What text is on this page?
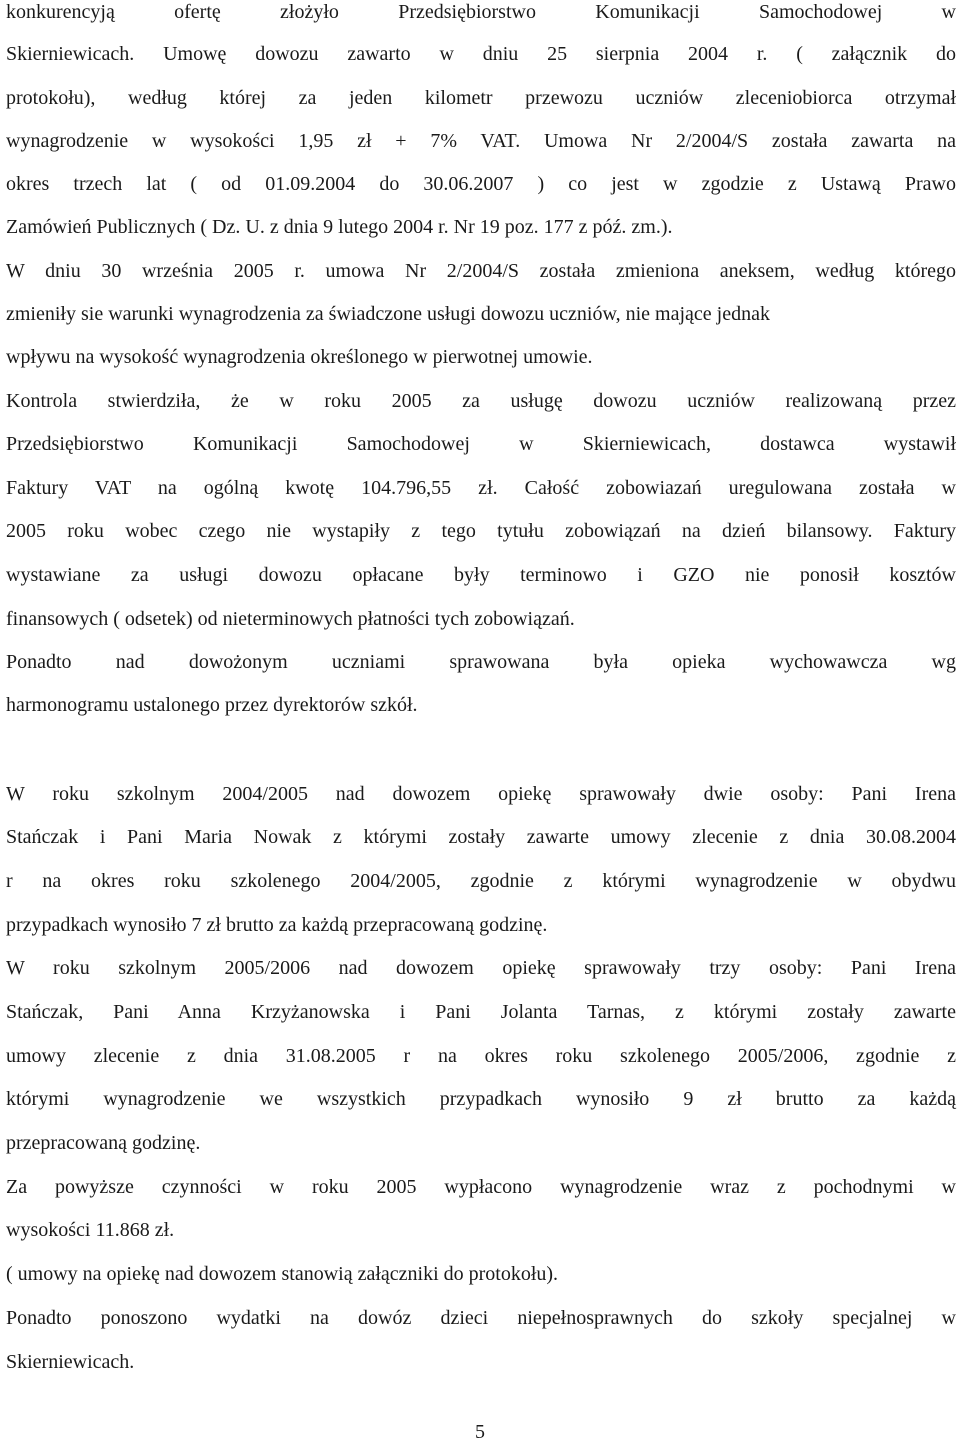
konkurencyją ofertę złożyło Przedsiębiorstwo Komunikacji Samochodowej w
Skierniewicach. Umowę dowozu zawarto w dniu 25 sierpnia 2004 r. ( załącznik do
protokołu), według której za jeden kilometr przewozu uczniów zleceniobiorca otrzymał
wynagrodzenie w wysokości 1,95 zł + 7% VAT. Umowa Nr 2/2004/S została zawarta na
okres trzech lat ( od 01.09.2004 do 30.06.2007 ) co jest w zgodzie z Ustawą Prawo
Zamówień Publicznych ( Dz. U. z dnia 9 lutego 2004 r. Nr 19 poz. 177 z póź. zm.).
W dniu 30 września 2005 r. umowa Nr 2/2004/S została zmieniona aneksem, według którego
zmieniły sie warunki wynagrodzenia za świadczone usługi dowozu uczniów, nie mające jednak
wpływu na wysokość wynagrodzenia określonego w pierwotnej umowie.
Kontrola stwierdziła, że w roku 2005 za usługę dowozu uczniów realizowaną przez
Przedsiębiorstwo Komunikacji Samochodowej w Skierniewicach, dostawca wystawił
Faktury VAT na ogólną kwotę 104.796,55 zł. Całość zobowiazań uregulowana została w
2005 roku wobec czego nie wystapiły z tego tytułu zobowiązań na dzień bilansowy. Faktury
wystawiane za usługi dowozu opłacane były terminowo i GZO nie ponosił kosztów
finansowych ( odsetek) od nieterminowych płatności tych zobowiązań.
Ponadto nad dowożonym uczniami sprawowana była opieka wychowawcza wg
harmonogramu ustalonego przez dyrektorów szkół.
W roku szkolnym 2004/2005 nad dowozem opiekę sprawowały dwie osoby: Pani Irena
Stańczak i Pani Maria Nowak z którymi zostały zawarte umowy zlecenie z dnia 30.08.2004
r na okres roku szkolenego 2004/2005, zgodnie z którymi wynagrodzenie w obydwu
przypadkach wynosiło 7 zł brutto za każdą przepracowaną godzinę.
W roku szkolnym 2005/2006 nad dowozem opiekę sprawowały trzy osoby: Pani Irena
Stańczak, Pani Anna Krzyżanowska i Pani Jolanta Tarnas, z którymi zostały zawarte
umowy zlecenie z dnia 31.08.2005 r na okres roku szkolenego 2005/2006, zgodnie z
którymi wynagrodzenie we wszystkich przypadkach wynosiło 9 zł brutto za każdą
przepracowaną godzinę.
Za powyższe czynności w roku 2005 wypłacono wynagrodzenie wraz z pochodnymi w
wysokości 11.868 zł.
( umowy na opiekę nad dowozem stanowią załączniki do protokołu).
Ponadto ponoszono wydatki na dowóz dzieci niepełnosprawnych do szkoły specjalnej w
Skierniewicach.
5
